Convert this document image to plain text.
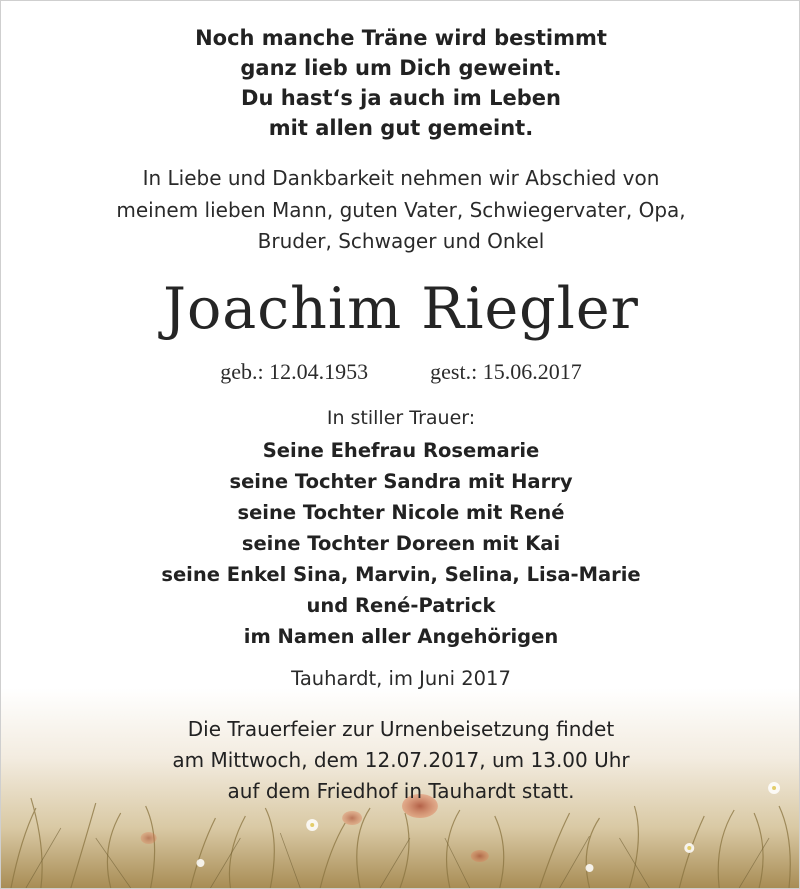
Noch manche Träne wird bestimmt
ganz lieb um Dich geweint.
Du hast‘s ja auch im Leben
mit allen gut gemeint.
In Liebe und Dankbarkeit nehmen wir Abschied von
meinem lieben Mann, guten Vater, Schwiegervater, Opa,
Bruder, Schwager und Onkel
Joachim Riegler
geb.: 12.04.1953	gest.: 15.06.2017
In stiller Trauer:
Seine Ehefrau Rosemarie
seine Tochter Sandra mit Harry
seine Tochter Nicole mit René
seine Tochter Doreen mit Kai
seine Enkel Sina, Marvin, Selina, Lisa-Marie
und René-Patrick
im Namen aller Angehörigen
Tauhardt, im Juni 2017
Die Trauerfeier zur Urnenbeisetzung findet
am Mittwoch, dem 12.07.2017, um 13.00 Uhr
auf dem Friedhof in Tauhardt statt.
